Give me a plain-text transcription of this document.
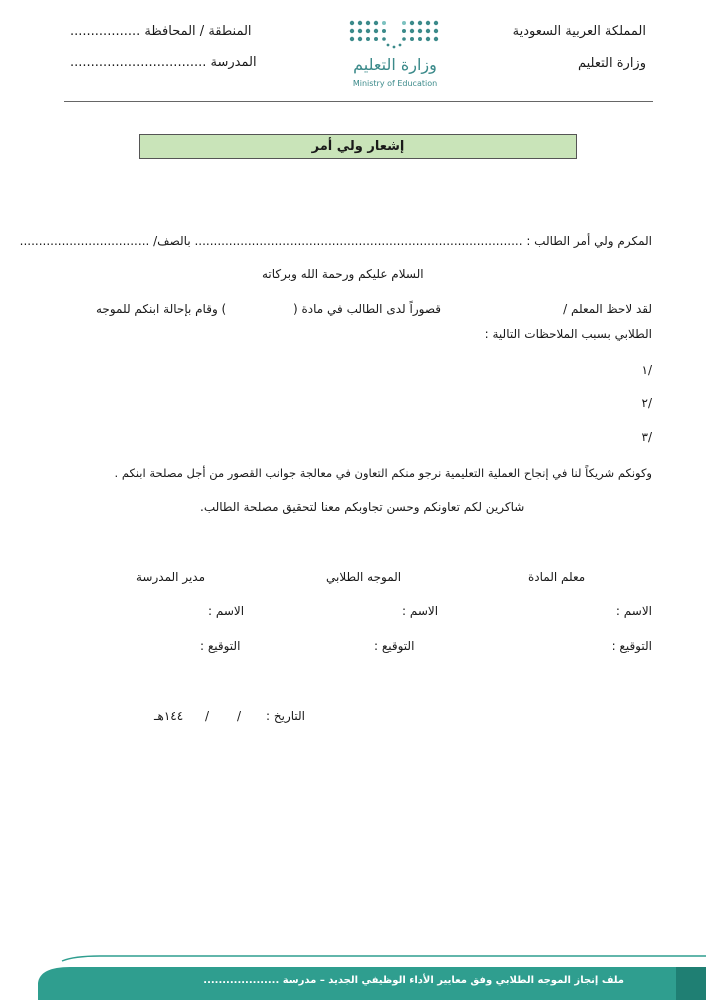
المملكة العربية السعودية
وزارة التعليم
المنطقة / المحافظة .................
المدرسة .................................	وزارة التعليم
Ministry of Education
إشعار ولي أمر
المكرم ولي أمر الطالب : ...................................................................................... بالصف/ ..................................
السلام عليكم ورحمة الله وبركاته
لقد لاحظ المعلم /
قصوراً لدى الطالب في مادة (
) وقام بإحالة ابنكم للموجه
الطلابي بسبب الملاحظات التالية :
/١
/٢
/٣
وكونكم شريكاً لنا في إنجاح العملية التعليمية نرجو منكم التعاون في معالجة جوانب القصور من أجل مصلحة ابنكم .
شاكرين لكم تعاونكم وحسن تجاوبكم معنا لتحقيق مصلحة الطالب.
معلم المادة
الموجه الطلابي
مدير المدرسة
الاسم :
الاسم :
الاسم :
التوقيع :
التوقيع :
التوقيع :
التاريخ :
/
/
١٤٤هـ
ملف إنجاز الموجه الطلابي وفق معايير الأداء الوظيفي الجديد – مدرسة ....................
